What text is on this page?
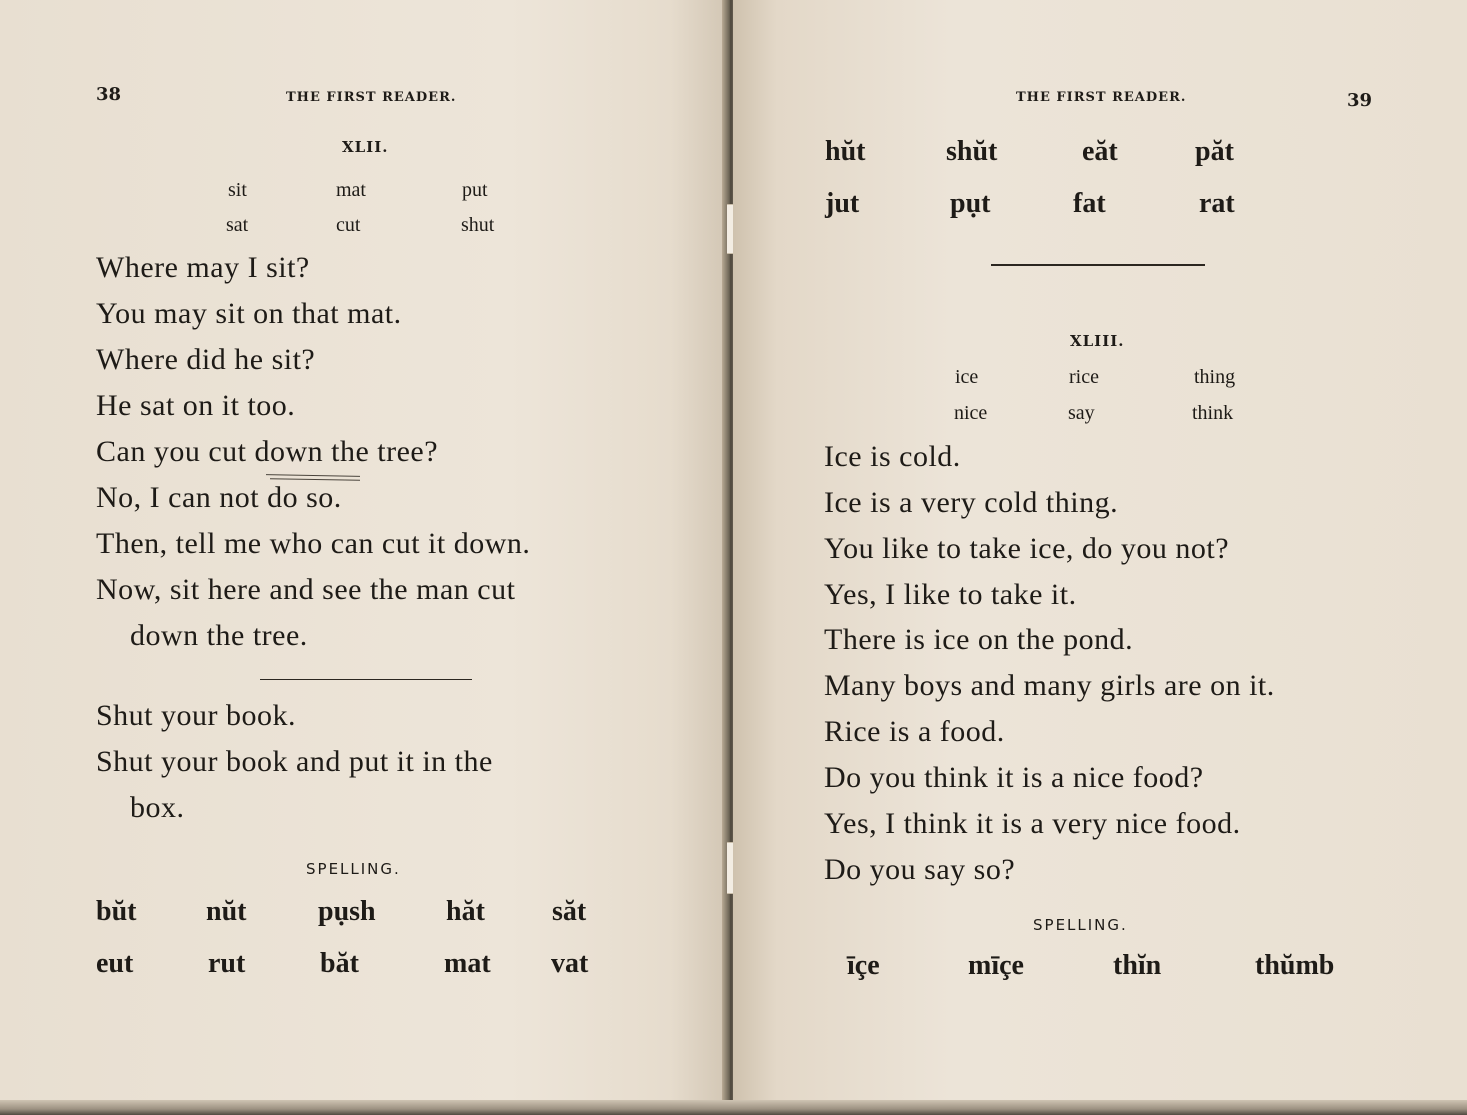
38	THE FIRST READER.
XLII.
sit	mat	put
sat	cut	shut
Where may I sit?
You may sit on that mat.
Where did he sit?
He sat on it too.
Can you cut down the tree?
No, I can not do so.
Then, tell me who can cut it down.
Now, sit here and see the man cut
down the tree.
Shut your book.
Shut your book and put it in the
box.
SPELLING.
bŭt nŭt	pụsh	hăt săt
eut	rut	băt	mat vat
THE FIRST READER.	39
hŭt	shŭt	eăt	păt
jut	pụt	fat	rat
XLIII.
ice	rice	thing
nice	say	think
Ice is cold.
Ice is a very cold thing.
You like to take ice, do you not?
Yes, I like to take it.
There is ice on the pond.
Many boys and many girls are on it.
Rice is a food.
Do you think it is a nice food?
Yes, I think it is a very nice food.
Do you say so?
SPELLING.
īçe	mīçe	thĭn	thŭmb
